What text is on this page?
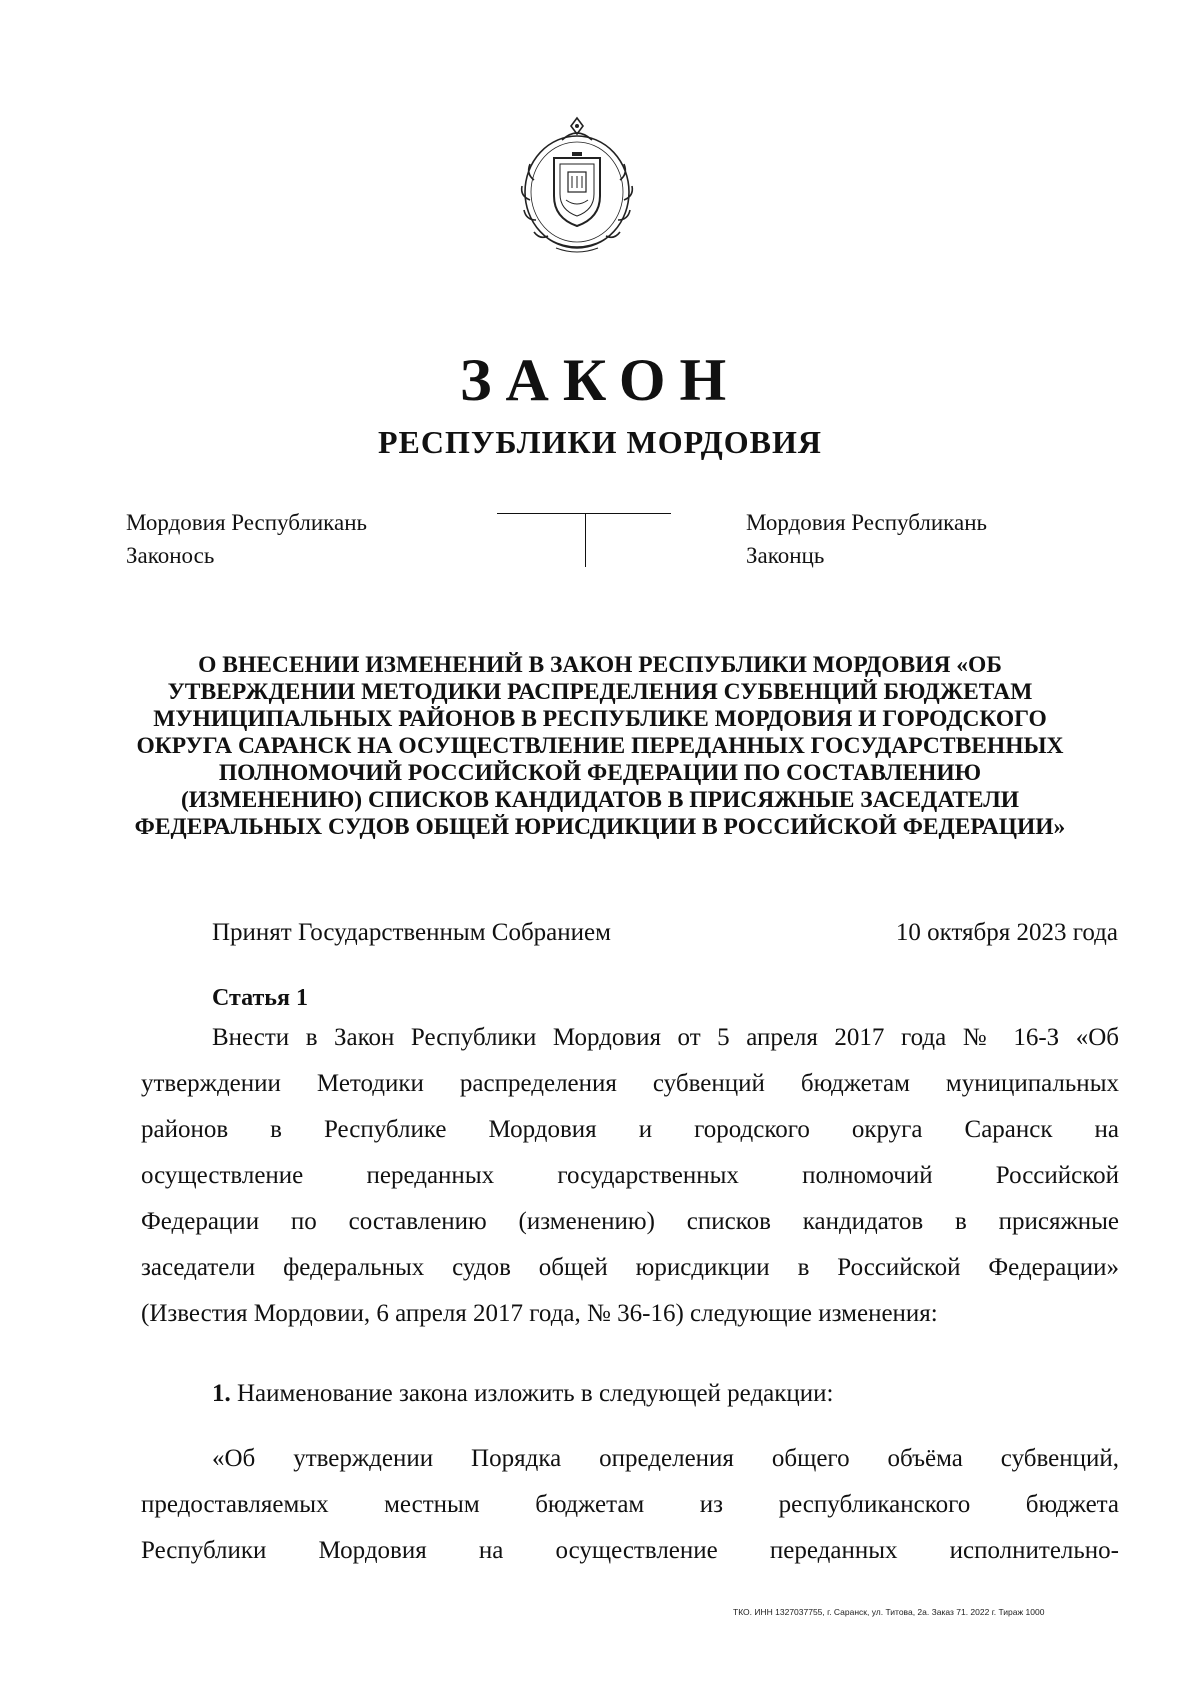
ЗАКОН
РЕСПУБЛИКИ МОРДОВИЯ
Мордовия Республикань
Законось
Мордовия Республикань
Законць
О ВНЕСЕНИИ ИЗМЕНЕНИЙ В ЗАКОН РЕСПУБЛИКИ МОРДОВИЯ «ОБ
УТВЕРЖДЕНИИ МЕТОДИКИ РАСПРЕДЕЛЕНИЯ СУБВЕНЦИЙ БЮДЖЕТАМ
МУНИЦИПАЛЬНЫХ РАЙОНОВ В РЕСПУБЛИКЕ МОРДОВИЯ И ГОРОДСКОГО
ОКРУГА САРАНСК НА ОСУЩЕСТВЛЕНИЕ ПЕРЕДАННЫХ ГОСУДАРСТВЕННЫХ
ПОЛНОМОЧИЙ РОССИЙСКОЙ ФЕДЕРАЦИИ ПО СОСТАВЛЕНИЮ
(ИЗМЕНЕНИЮ) СПИСКОВ КАНДИДАТОВ В ПРИСЯЖНЫЕ ЗАСЕДАТЕЛИ
ФЕДЕРАЛЬНЫХ СУДОВ ОБЩЕЙ ЮРИСДИКЦИИ В РОССИЙСКОЙ ФЕДЕРАЦИИ»
Принят Государственным Собранием	10 октября 2023 года
Статья 1
Внести в Закон Республики Мордовия от 5 апреля 2017 года № 16-З «Об
утверждении Методики распределения субвенций бюджетам муниципальных
районов в Республике Мордовия и городского округа Саранск на
осуществление переданных государственных полномочий Российской
Федерации по составлению (изменению) списков кандидатов в присяжные
заседатели федеральных судов общей юрисдикции в Российской Федерации»
(Известия Мордовии, 6 апреля 2017 года, № 36-16) следующие изменения:
1. Наименование закона изложить в следующей редакции:
«Об утверждении Порядка определения общего объёма субвенций,
предоставляемых местным бюджетам из республиканского бюджета
Республики Мордовия на осуществление переданных исполнительно-
ТКО. ИНН 1327037755, г. Саранск, ул. Титова, 2а. Заказ 71. 2022 г. Тираж 1000
